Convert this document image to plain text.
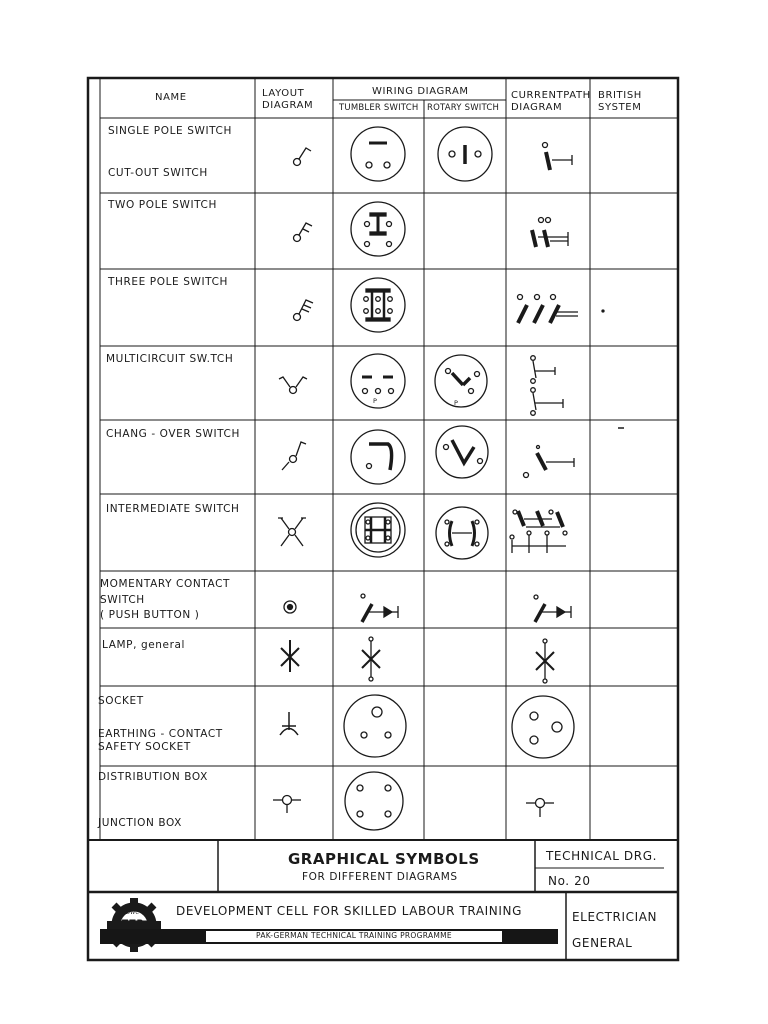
P	P
NAME	LAYOUT
DIAGRAM
WIRING DIAGRAM
TUMBLER SWITCH ROTARY SWITCH
CURRENTPATH
DIAGRAM
BRITISH
SYSTEM
SINGLE POLE SWITCH
CUT-OUT SWITCH
TWO POLE SWITCH
THREE POLE SWITCH
MULTICIRCUIT SW.TCH
CHANG - OVER SWITCH
INTERMEDIATE SWITCH
MOMENTARY CONTACT
SWITCH
( PUSH BUTTON )
LAMP, general
SOCKET
EARTHING - CONTACT
SAFETY SOCKET
DISTRIBUTION BOX
JUNCTION BOX
GRAPHICAL SYMBOLS
FOR DIFFERENT DIAGRAMS
TECHNICAL DRG.
No. 20
DEVELOPMENT CELL FOR SKILLED LABOUR TRAINING
PAK-GERMAN TECHNICAL TRAINING PROGRAMME
ELECTRICIAN
GENERAL
TTP
DWC
